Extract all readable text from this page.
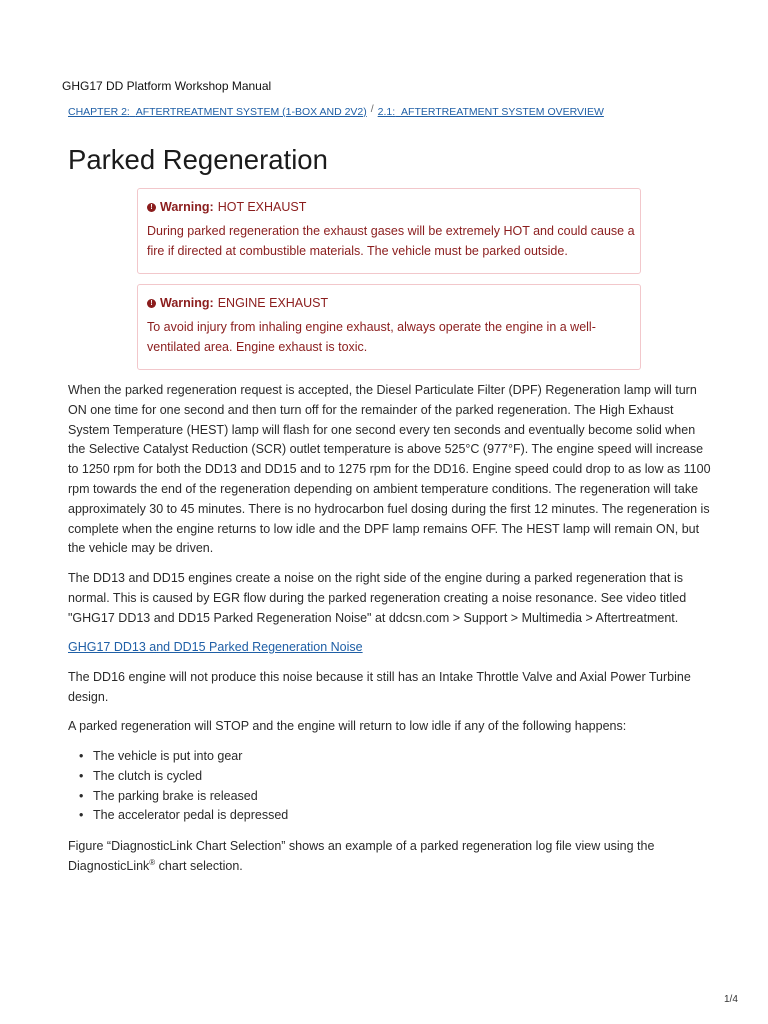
GHG17 DD Platform Workshop Manual
CHAPTER 2: AFTERTREATMENT SYSTEM (1-BOX AND 2V2) / 2.1: AFTERTREATMENT SYSTEM OVERVIEW
Parked Regeneration
! Warning: HOT EXHAUST
During parked regeneration the exhaust gases will be extremely HOT and could cause a fire if directed at combustible materials. The vehicle must be parked outside.
! Warning: ENGINE EXHAUST
To avoid injury from inhaling engine exhaust, always operate the engine in a well-ventilated area. Engine exhaust is toxic.

When the parked regeneration request is accepted, the Diesel Particulate Filter (DPF) Regeneration lamp will turn ON one time for one second and then turn off for the remainder of the parked regeneration. The High Exhaust System Temperature (HEST) lamp will flash for one second every ten seconds and eventually become solid when the Selective Catalyst Reduction (SCR) outlet temperature is above 525°C (977°F). The engine speed will increase to 1250 rpm for both the DD13 and DD15 and to 1275 rpm for the DD16. Engine speed could drop to as low as 1100 rpm towards the end of the regeneration depending on ambient temperature conditions. The regeneration will take approximately 30 to 45 minutes. There is no hydrocarbon fuel dosing during the first 12 minutes. The regeneration is complete when the engine returns to low idle and the DPF lamp remains OFF. The HEST lamp will remain ON, but the vehicle may be driven.

The DD13 and DD15 engines create a noise on the right side of the engine during a parked regeneration that is normal. This is caused by EGR flow during the parked regeneration creating a noise resonance. See video titled "GHG17 DD13 and DD15 Parked Regeneration Noise" at ddcsn.com > Support > Multimedia > Aftertreatment.

GHG17 DD13 and DD15 Parked Regeneration Noise

The DD16 engine will not produce this noise because it still has an Intake Throttle Valve and Axial Power Turbine design.

A parked regeneration will STOP and the engine will return to low idle if any of the following happens:

• The vehicle is put into gear
• The clutch is cycled
• The parking brake is released
• The accelerator pedal is depressed

Figure “DiagnosticLink Chart Selection” shows an example of a parked regeneration log file view using the DiagnosticLink® chart selection.

1/4
